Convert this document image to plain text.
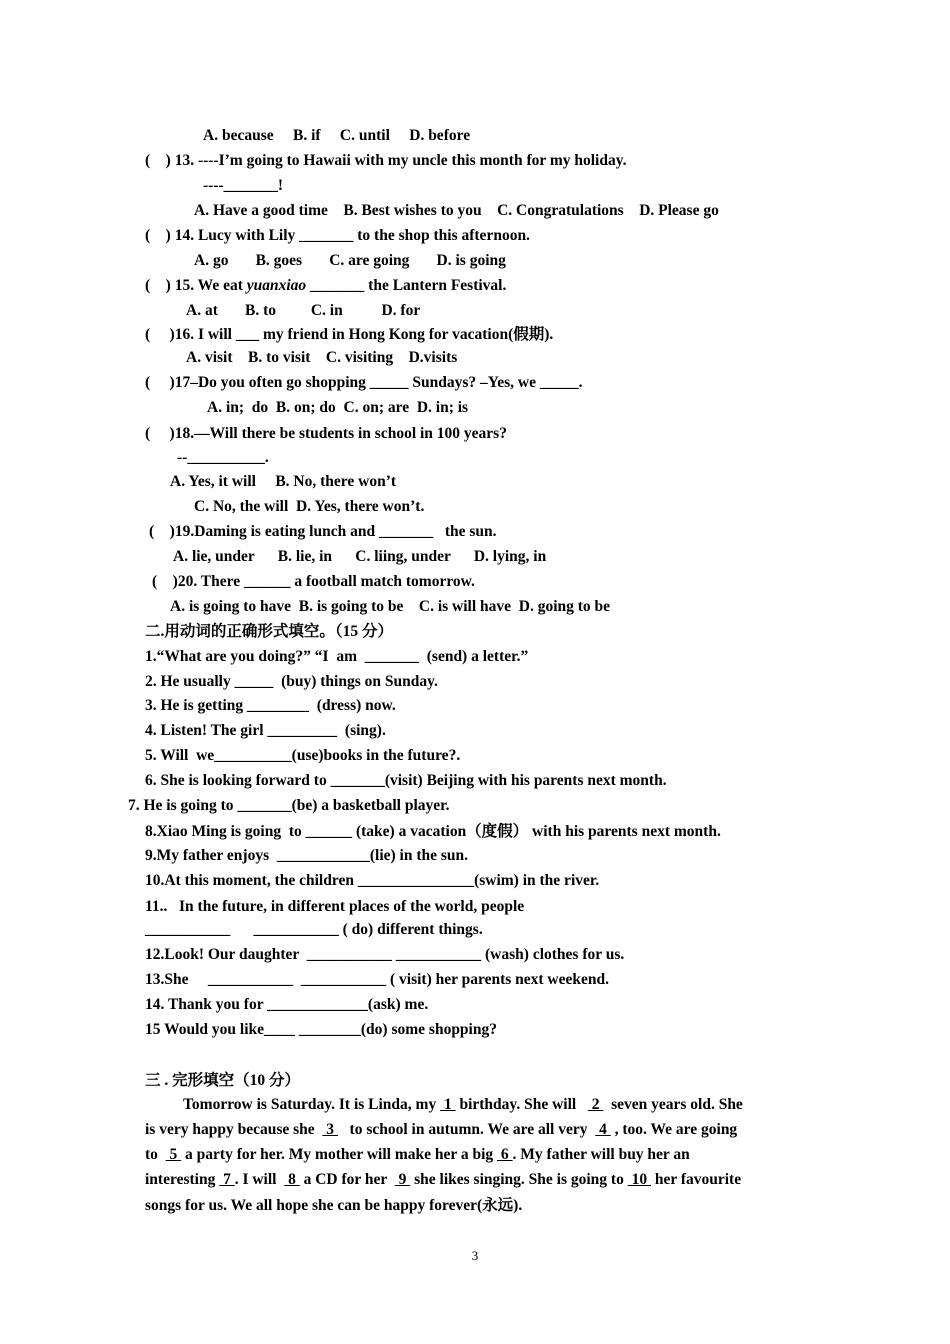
A. because     B. if     C. until     D. before
(    ) 13. ----I’m going to Hawaii with my uncle this month for my holiday.
----_______!
A. Have a good time    B. Best wishes to you    C. Congratulations    D. Please go
(    ) 14. Lucy with Lily _______ to the shop this afternoon.
A. go       B. goes       C. are going       D. is going
(    ) 15. We eat yuanxiao _______ the Lantern Festival.
A. at       B. to         C. in          D. for
(     )16. I will ___ my friend in Hong Kong for vacation(假期).
A. visit    B. to visit    C. visiting    D.visits
(     )17–Do you often go shopping _____ Sundays? –Yes, we _____.
A. in;  do  B. on; do  C. on; are  D. in; is
(     )18.—Will there be students in school in 100 years?
--__________.
A. Yes, it will     B. No, there won’t
C. No, the will  D. Yes, there won’t.
(    )19.Daming is eating lunch and _______   the sun.
A. lie, under      B. lie, in      C. liing, under      D. lying, in
(    )20. There ______ a football match tomorrow.
A. is going to have  B. is going to be    C. is will have  D. going to be
二.用动词的正确形式填空。（15 分）
1.“What are you doing?” “I  am  _______  (send) a letter.”
2. He usually _____  (buy) things on Sunday.
3. He is getting ________  (dress) now.
4. Listen! The girl _________  (sing).
5. Will  we__________(use)books in the future?.
6. She is looking forward to _______(visit) Beijing with his parents next month.
7. He is going to _______(be) a basketball player.
8.Xiao Ming is going  to ______ (take) a vacation（度假） with his parents next month.
9.My father enjoys  ____________(lie) in the sun.
10.At this moment, the children _______________(swim) in the river.
11..   In the future, in different places of the world, people
___________      ___________ ( do) different things.
12.Look! Our daughter  ___________ ___________ (wash) clothes for us.
13.She     ___________  ___________ ( visit) her parents next weekend.
14. Thank you for _____________(ask) me.
15 Would you like____ ________(do) some shopping?
三 . 完形填空（10 分）
Tomorrow is Saturday. It is Linda, my  1  birthday. She will    2   seven years old. She
is very happy because she   3    to school in autumn. We are all very   4  , too. We are going
to   5  a party for her. My mother will make her a big  6 . My father will buy her an
interesting  7 . I will   8  a CD for her   9  she likes singing. She is going to  10  her favourite
songs for us. We all hope she can be happy forever(永远).
3
